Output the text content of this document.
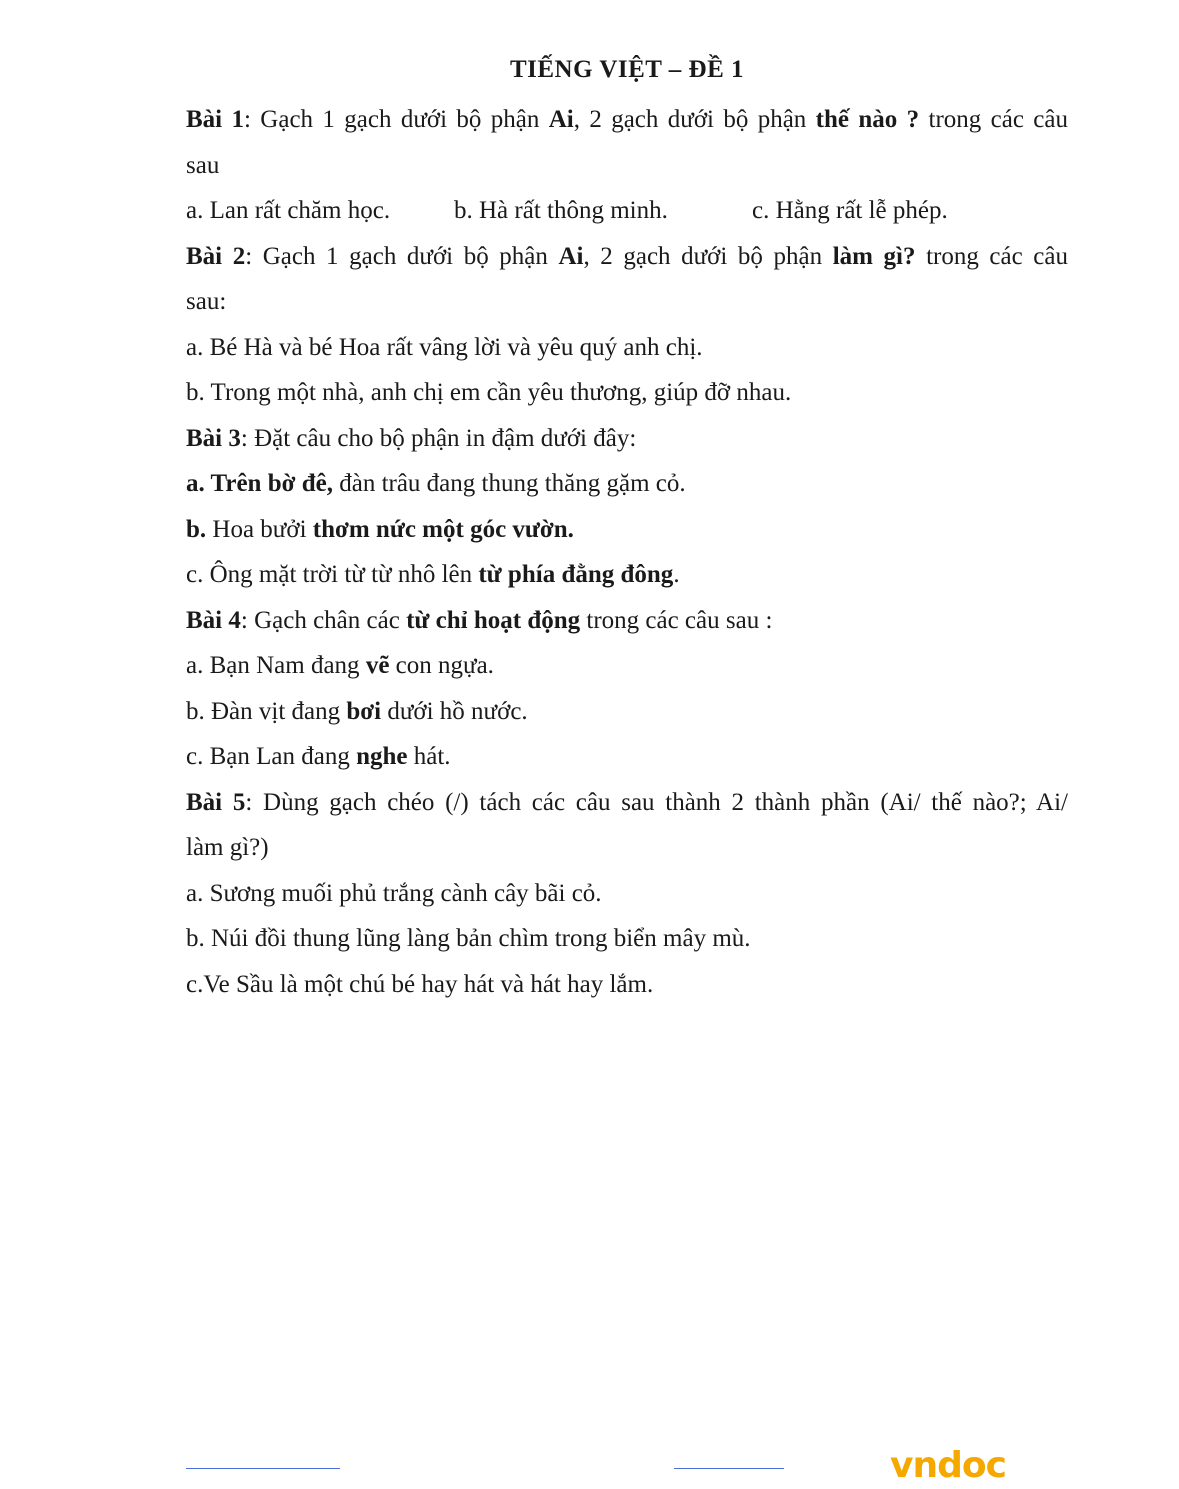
TIẾNG VIỆT – ĐỀ 1
Bài 1: Gạch 1 gạch dưới bộ phận Ai, 2 gạch dưới bộ phận thế nào ? trong các câu
sau
a. Lan rất chăm học.	b. Hà rất thông minh.	c. Hằng rất lễ phép.
Bài 2: Gạch 1 gạch dưới bộ phận Ai, 2 gạch dưới bộ phận làm gì? trong các câu
sau:
a. Bé Hà và bé Hoa rất vâng lời và yêu quý anh chị.
b. Trong một nhà, anh chị em cần yêu thương, giúp đỡ nhau.
Bài 3: Đặt câu cho bộ phận in đậm dưới đây:
a. Trên bờ đê, đàn trâu đang thung thăng gặm cỏ.
b. Hoa bưởi thơm nức một góc vườn.
c. Ông mặt trời từ từ nhô lên từ phía đằng đông.
Bài 4: Gạch chân các từ chỉ hoạt động trong các câu sau :
a. Bạn Nam đang vẽ con ngựa.
b. Đàn vịt đang bơi dưới hồ nước.
c. Bạn Lan đang nghe hát.
Bài 5: Dùng gạch chéo (/) tách các câu sau thành 2 thành phần (Ai/ thế nào?; Ai/
làm gì?)
a. Sương muối phủ trắng cành cây bãi cỏ.
b. Núi đồi thung lũng làng bản chìm trong biển mây mù.
c.Ve Sầu là một chú bé hay hát và hát hay lắm.
vndoc
